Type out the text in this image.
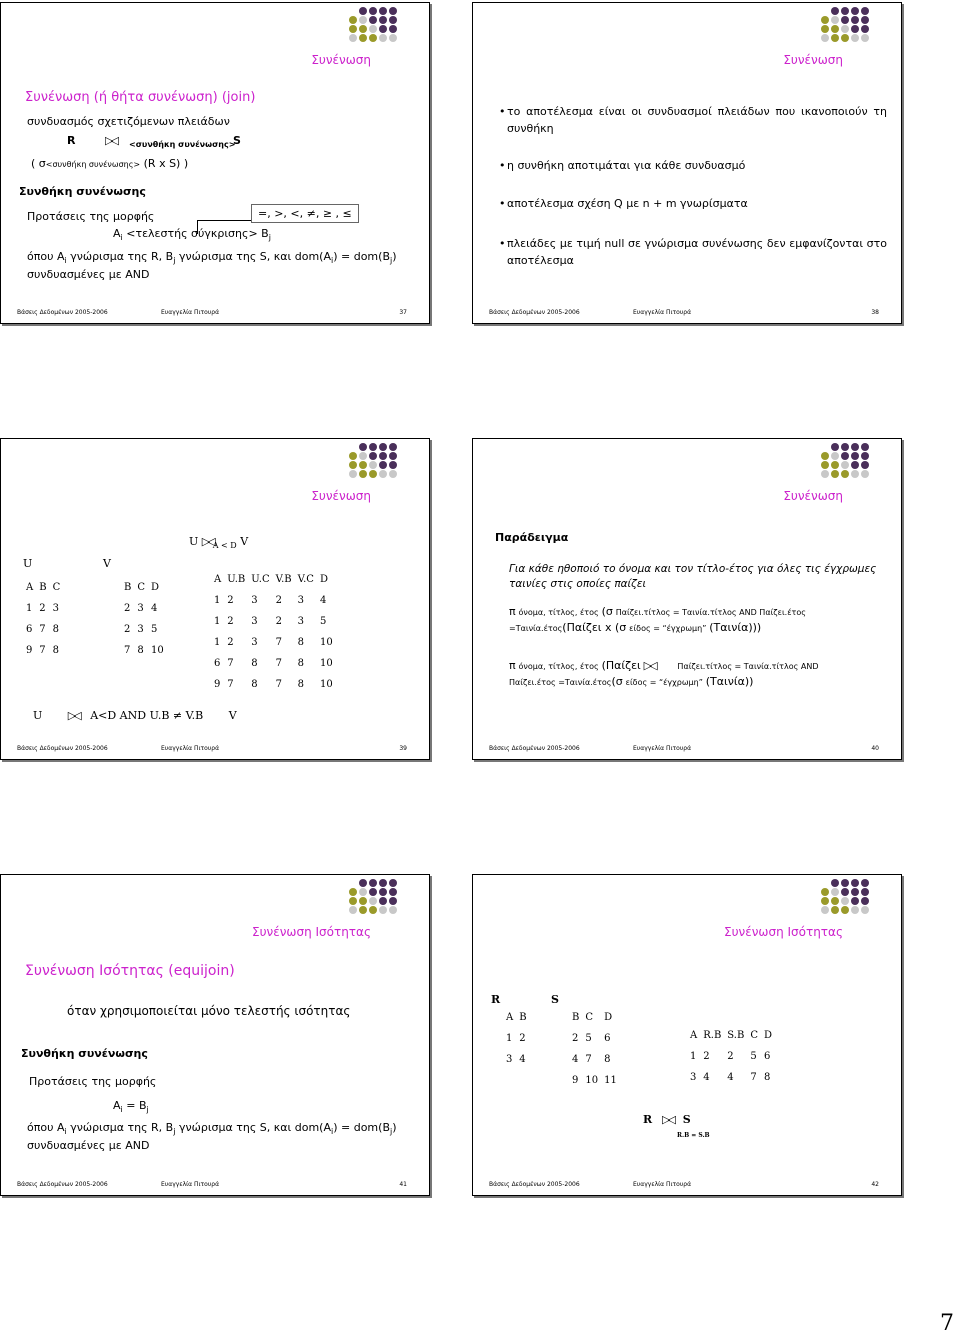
Συνένωση
Συνένωση (ή θήτα συνένωση) (join)
συνδυασμός σχετιζόμενων πλειάδων
R	▷◁ <συνθήκη συνένωσης>
S
( σ<συνθήκη συνένωσης> (R x S) )
Συνθήκη συνένωσης
Προτάσεις της μορφής	=, >, <, ≠, ≥ , ≤
$A_i <\tau\varepsilon\lambda\varepsilon\sigma\tau ή\varsigma$ $\sigma ύ\gamma\kappa\rho\iota\sigma\eta\varsigma> B_j$
όπου $A_i$ γνώρισμα της R, $B_j$ γνώρισμα της S, και $dom(A_i) = dom(B_j)$
συνδυασμένες με AND
Βάσεις Δεδομένων 2005-2006	Ευαγγελία Πιτουρά	37
Συνένωση
• το αποτέλεσμα είναι οι συνδυασμοί πλειάδων που ικανοποιούν τη συνθήκη
• η συνθήκη αποτιμάται για κάθε συνδυασμό
• αποτέλεσμα σχέση Q με n + m γνωρίσματα
• πλειάδες με τιμή null σε γνώρισμα συνένωσης δεν εμφανίζονται στο αποτέλεσμα
Βάσεις Δεδομένων 2005-2006	Ευαγγελία Πιτουρά	38
Συνένωση
U $▷◁_{A < D}$ V
U	V
A	B	C
1	2	3
6	7	8
9	7	8
B	C	D
2	3	4
2	3	5
7	8	10
A	U.B	U.C	V.B	V.C	D
1	2	3	2	3	4
1	2	3	2	3	5
1	2	3	7	8	10
6	7	8	7	8	10
9	7	8	7	8	10
U ▷◁ A<D AND U.B ≠ V.B V
Βάσεις Δεδομένων 2005-2006	Ευαγγελία Πιτουρά	39
Συνένωση
Παράδειγμα
Για κάθε ηθοποιό το όνομα και τον τίτλο-έτος για όλες τις έγχρωμες
ταινίες στις οποίες παίζει
π όνομα, τίτλος, έτος (σ Παίζει.τίτλος = Ταινία.τίτλος AND Παίζει.έτος
=Ταινία.έτος(Παίζει x (σ είδος = “έγχρωμη” (Ταινία)))
π όνομα, τίτλος, έτος (Παίζει ▷◁	Παίζει.τίτλος = Ταινία.τίτλος AND
Παίζει.έτος =Ταινία.έτος(σ είδος = “έγχρωμη” (Ταινία))
Βάσεις Δεδομένων 2005-2006	Ευαγγελία Πιτουρά	40
Συνένωση Ισότητας
Συνένωση Ισότητας (equijoin)
όταν χρησιμοποιείται μόνο τελεστής ισότητας
Συνθήκη συνένωσης
Προτάσεις της μορφής
$A_i = B_j$
όπου $A_i$ γνώρισμα της R, $B_j$ γνώρισμα της S, και $dom(A_i) = dom(B_j)$
συνδυασμένες με AND
Βάσεις Δεδομένων 2005-2006	Ευαγγελία Πιτουρά	41
Συνένωση Ισότητας
R	S
A	B
1	2
3	4
B	C	D
2	5	6
4	7	8
9	10	11
A	R.B	S.B	C	D
1	2	2	5	6
3	4	4	7	8
R ▷◁ S
R.B = S.B
Βάσεις Δεδομένων 2005-2006	Ευαγγελία Πιτουρά	42
7
